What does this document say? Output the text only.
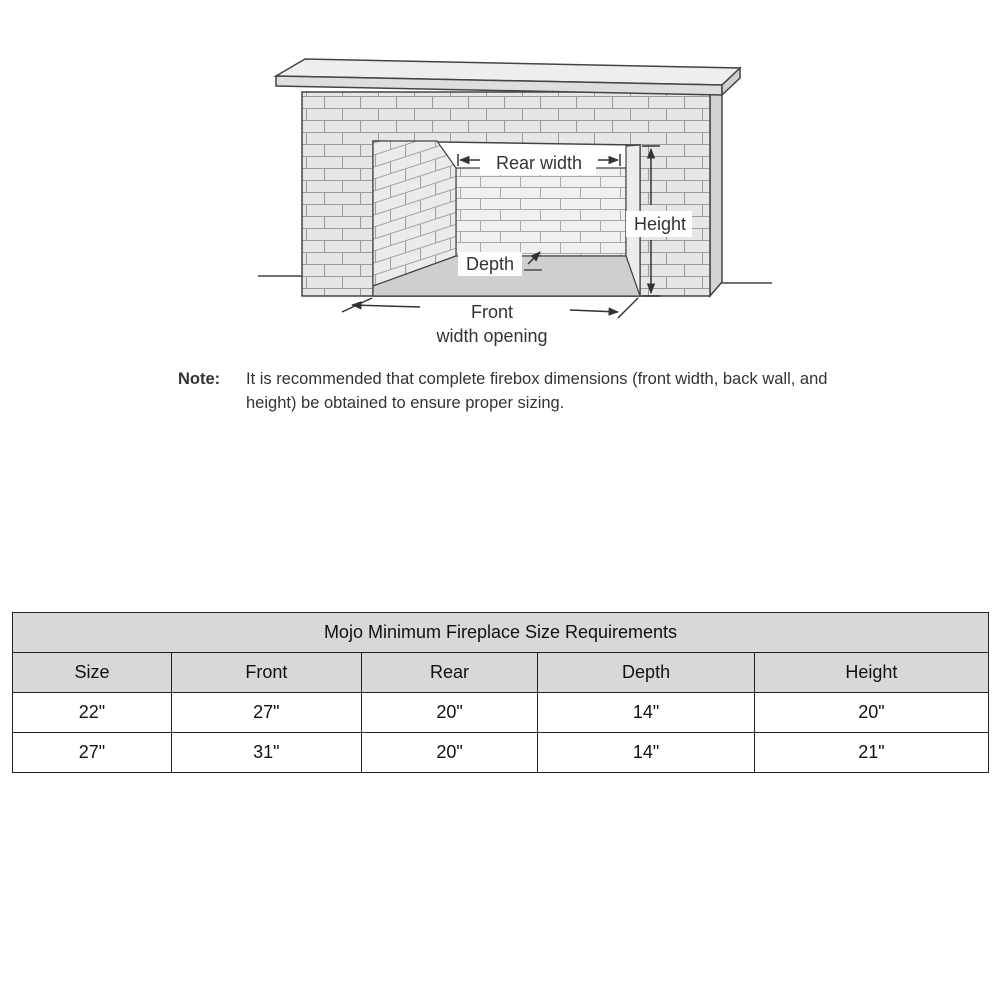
Rear width
Height
Depth
Front
width opening
Note: It is recommended that complete firebox dimensions (front width, back wall, and height) be obtained to ensure proper sizing.
Mojo Minimum Fireplace Size Requirements				
Size	Front	Rear	Depth	Height
22"	27"	20"	14"	20"
27"	31"	20"	14"	21"
